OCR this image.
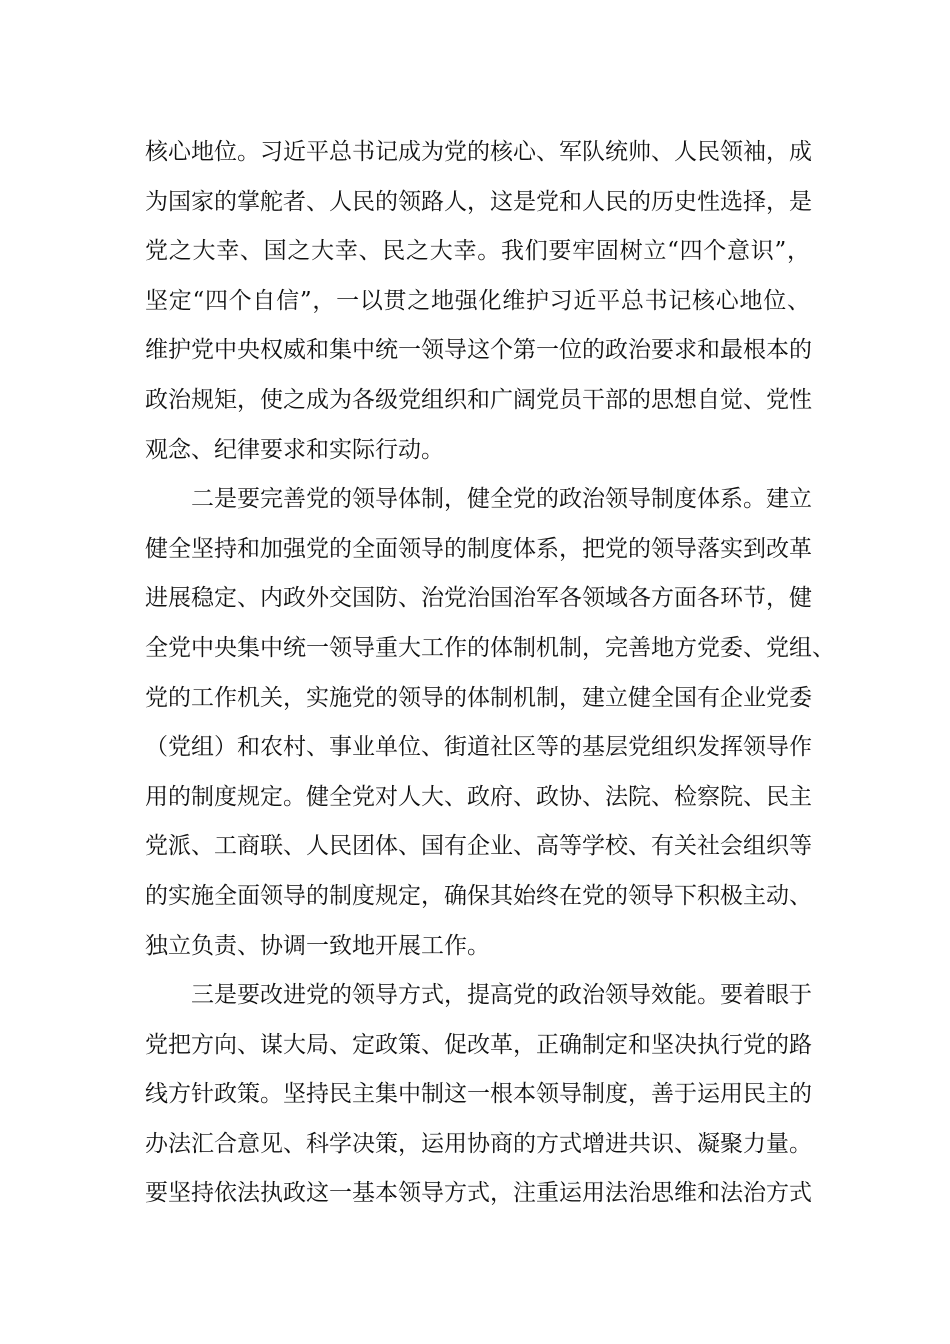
核心地位。习近平总书记成为党的核心、军队统帅、人民领袖，成
为国家的掌舵者、人民的领路人，这是党和人民的历史性选择，是
党之大幸、国之大幸、民之大幸。我们要牢固树立“四个意识”，
坚定“四个自信”，一以贯之地强化维护习近平总书记核心地位、
维护党中央权威和集中统一领导这个第一位的政治要求和最根本的
政治规矩，使之成为各级党组织和广阔党员干部的思想自觉、党性
观念、纪律要求和实际行动。
二是要完善党的领导体制，健全党的政治领导制度体系。建立
健全坚持和加强党的全面领导的制度体系，把党的领导落实到改革
进展稳定、内政外交国防、治党治国治军各领域各方面各环节，健
全党中央集中统一领导重大工作的体制机制，完善地方党委、党组、
党的工作机关，实施党的领导的体制机制，建立健全国有企业党委
（党组）和农村、事业单位、街道社区等的基层党组织发挥领导作
用的制度规定。健全党对人大、政府、政协、法院、检察院、民主
党派、工商联、人民团体、国有企业、高等学校、有关社会组织等
的实施全面领导的制度规定，确保其始终在党的领导下积极主动、
独立负责、协调一致地开展工作。
三是要改进党的领导方式，提高党的政治领导效能。要着眼于
党把方向、谋大局、定政策、促改革，正确制定和坚决执行党的路
线方针政策。坚持民主集中制这一根本领导制度，善于运用民主的
办法汇合意见、科学决策，运用协商的方式增进共识、凝聚力量。
要坚持依法执政这一基本领导方式，注重运用法治思维和法治方式
